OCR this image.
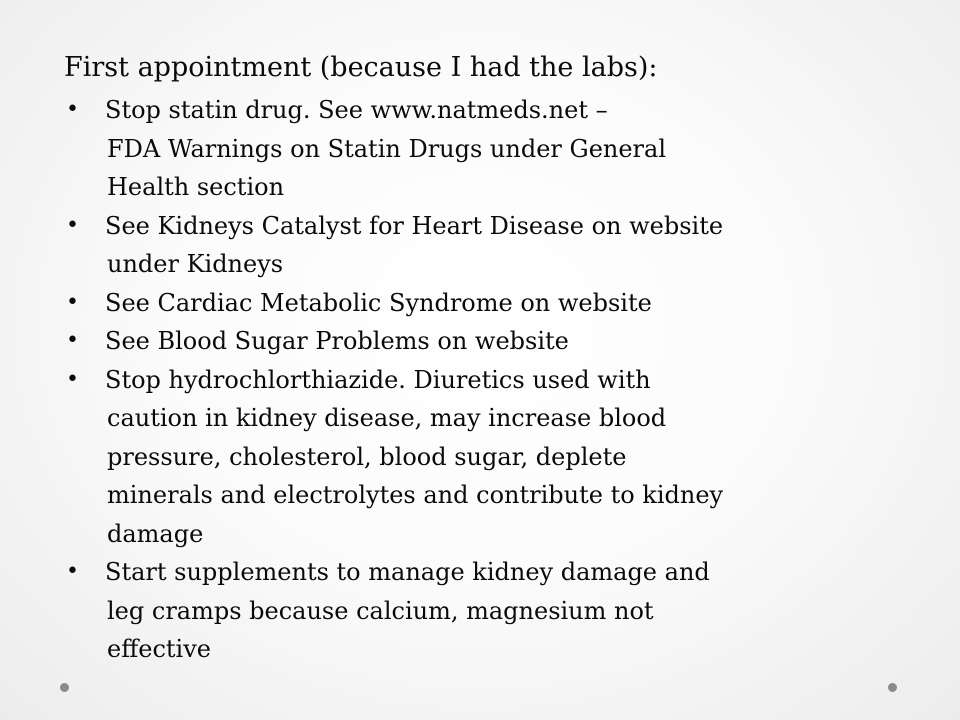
First appointment (because I had the labs):
• Stop statin drug. See www.natmeds.net –
FDA Warnings on Statin Drugs under General
Health section
• See Kidneys Catalyst for Heart Disease on website
under Kidneys
• See Cardiac Metabolic Syndrome on website
• See Blood Sugar Problems on website
• Stop hydrochlorthiazide. Diuretics used with
caution in kidney disease, may increase blood
pressure, cholesterol, blood sugar, deplete
minerals and electrolytes and contribute to kidney
damage
• Start supplements to manage kidney damage and
leg cramps because calcium, magnesium not
effective
